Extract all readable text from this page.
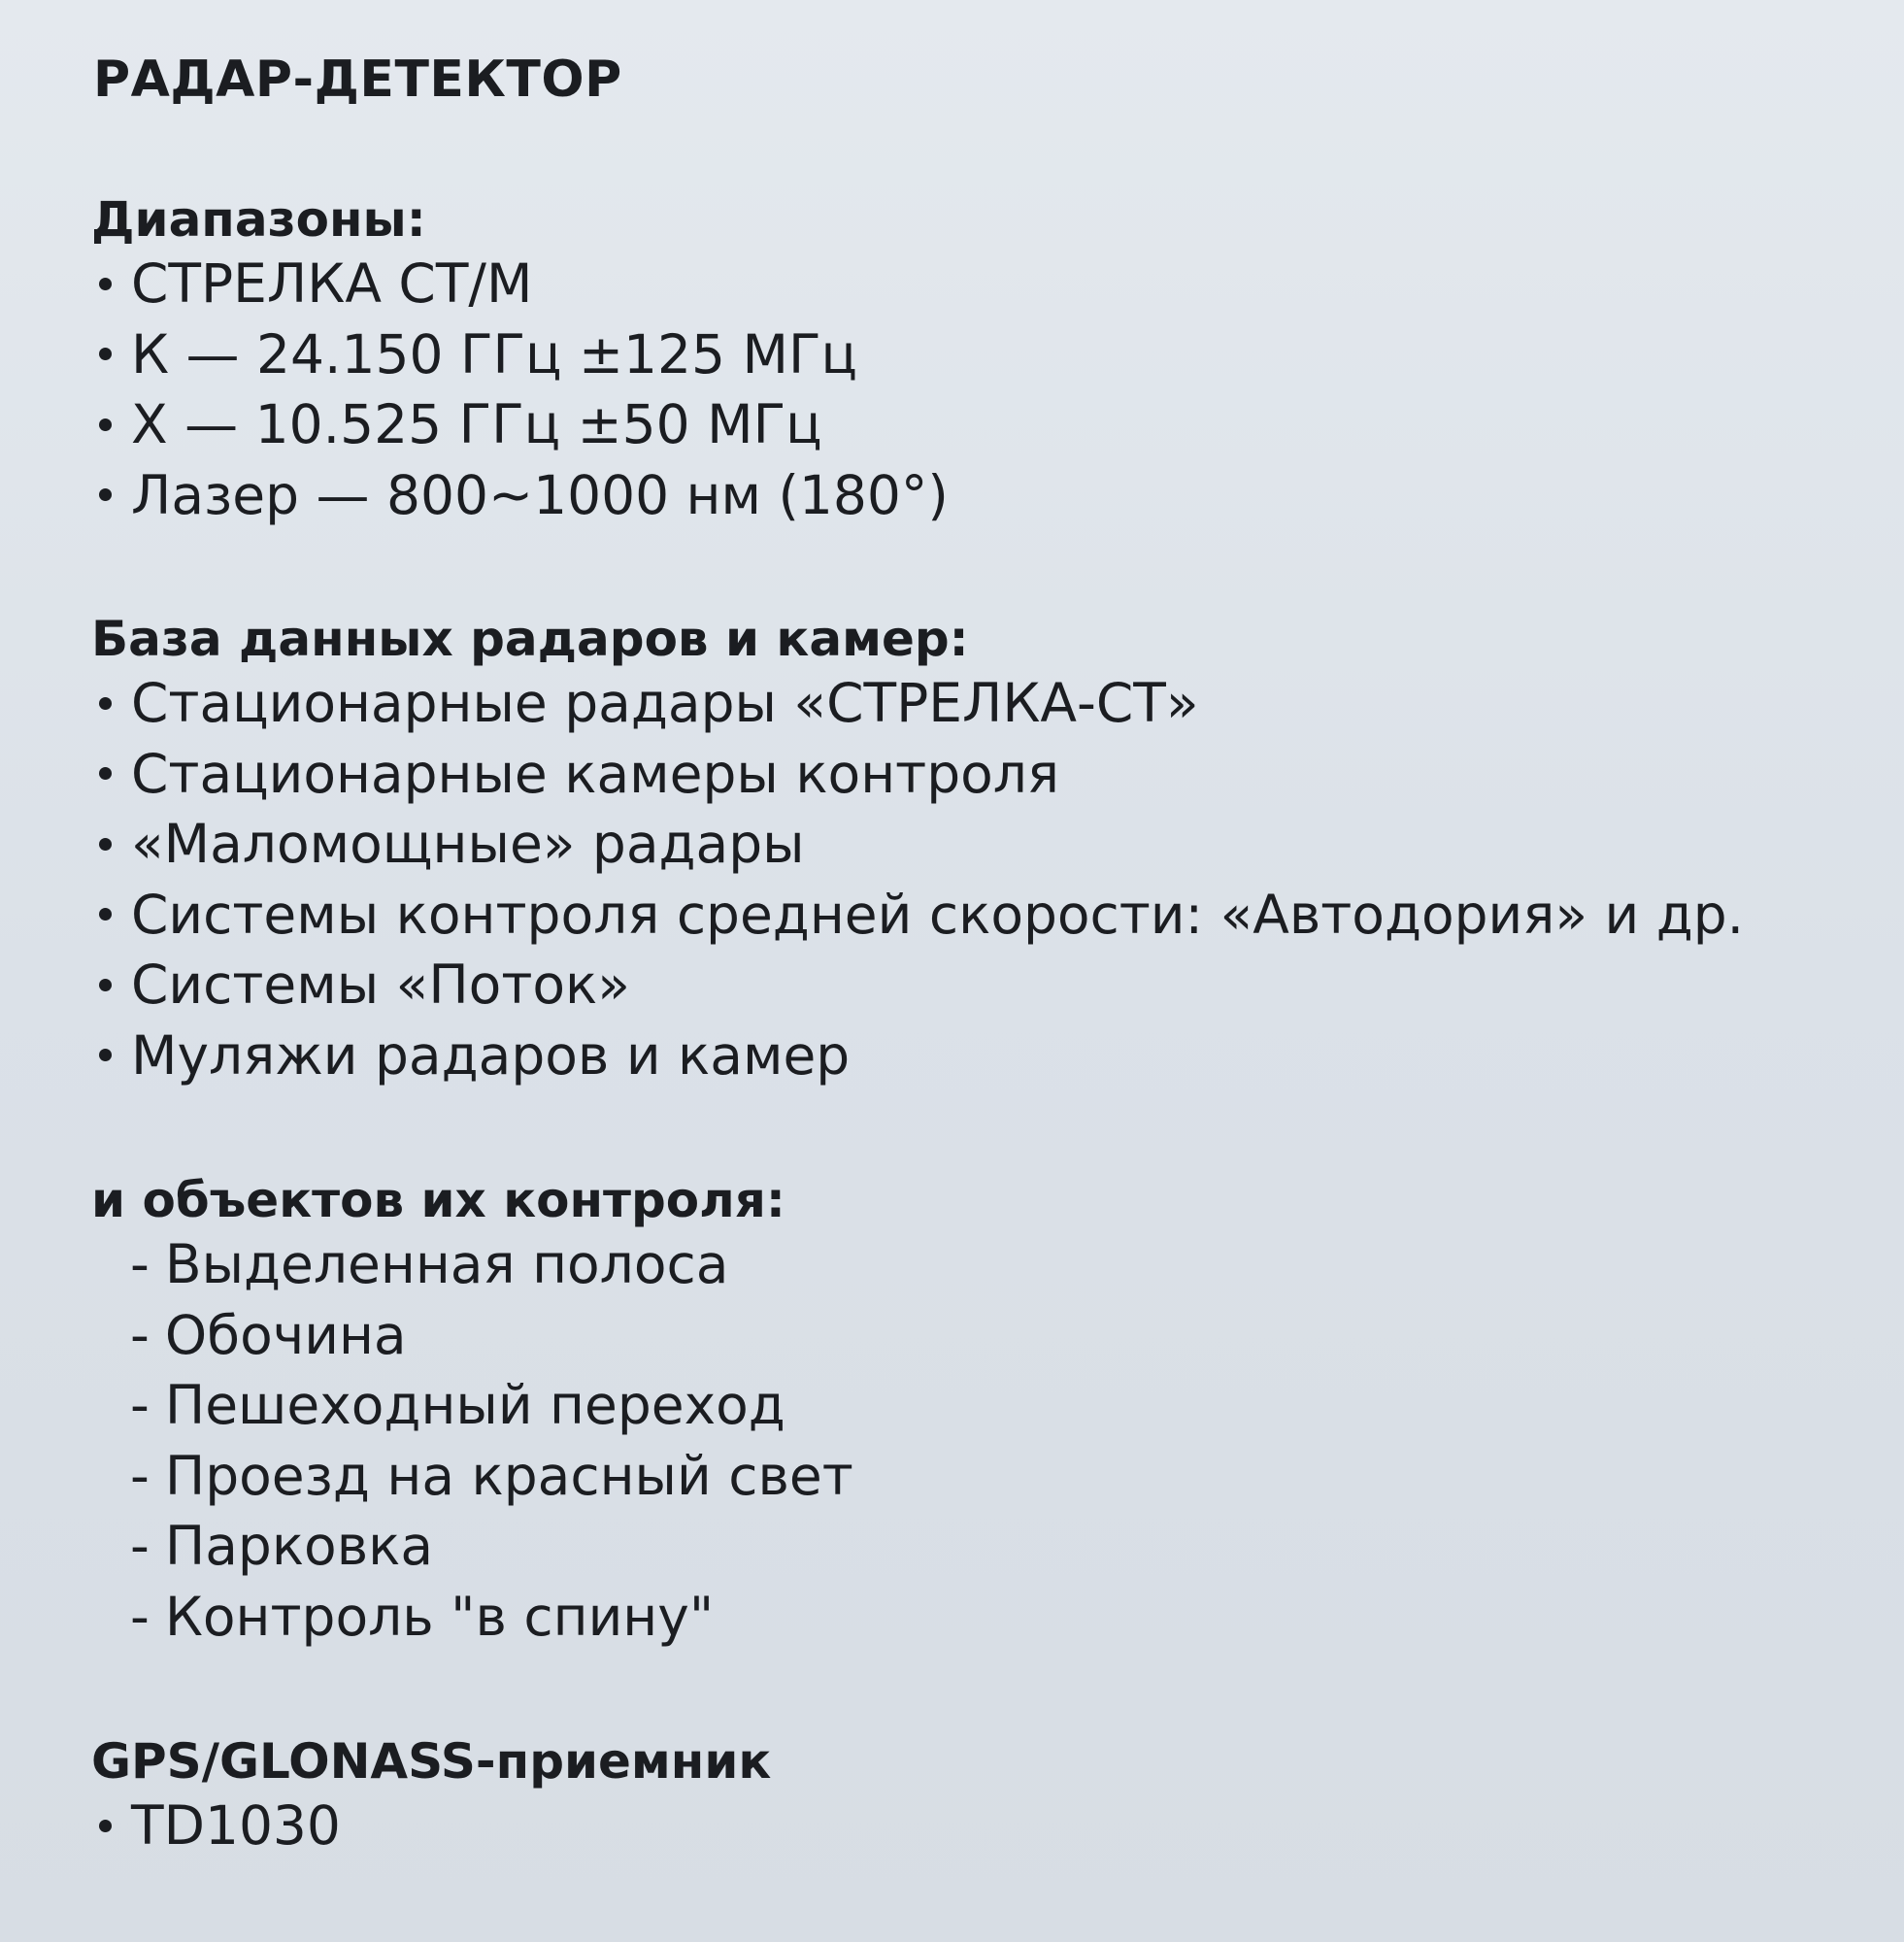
РАДАР-ДЕТЕКТОР
Диапазоны:
СТРЕЛКА СТ/М
К — 24.150 ГГц ±125 МГц
Х — 10.525 ГГц ±50 МГц
Лазер — 800~1000 нм (180°)
База данных радаров и камер:
Стационарные радары «СТРЕЛКА-СТ»
Стационарные камеры контроля
«Маломощные» радары
Системы контроля средней скорости: «Автодория» и др.
Системы «Поток»
Муляжи радаров и камер
и объектов их контроля:
- Выделенная полоса
- Обочина
- Пешеходный переход
- Проезд на красный свет
- Парковка
- Контроль "в спину"
GPS/GLONASS-приемник
TD1030
